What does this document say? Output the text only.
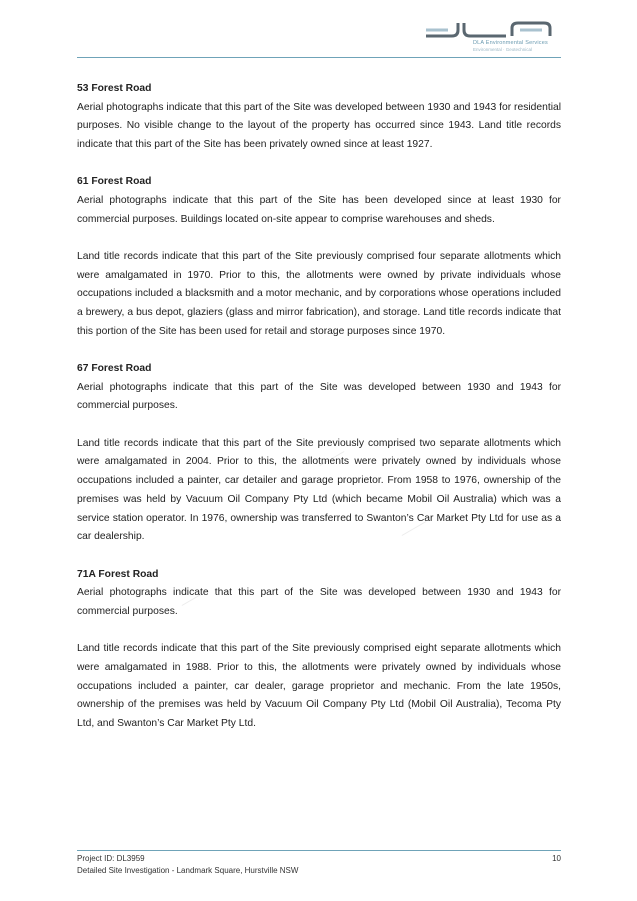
DLA Environmental Services
Environmental · Geotechnical

53 Forest Road

Aerial photographs indicate that this part of the Site was developed between 1930 and 1943 for residential purposes. No visible change to the layout of the property has occurred since 1943. Land title records indicate that this part of the Site has been privately owned since at least 1927.

61 Forest Road

Aerial photographs indicate that this part of the Site has been developed since at least 1930 for commercial purposes. Buildings located on-site appear to comprise warehouses and sheds.

Land title records indicate that this part of the Site previously comprised four separate allotments which were amalgamated in 1970. Prior to this, the allotments were owned by private individuals whose occupations included a blacksmith and a motor mechanic, and by corporations whose operations included a brewery, a bus depot, glaziers (glass and mirror fabrication), and storage. Land title records indicate that this portion of the Site has been used for retail and storage purposes since 1970.

67 Forest Road

Aerial photographs indicate that this part of the Site was developed between 1930 and 1943 for commercial purposes.

Land title records indicate that this part of the Site previously comprised two separate allotments which were amalgamated in 2004. Prior to this, the allotments were privately owned by individuals whose occupations included a painter, car detailer and garage proprietor. From 1958 to 1976, ownership of the premises was held by Vacuum Oil Company Pty Ltd (which became Mobil Oil Australia) which was a service station operator. In 1976, ownership was transferred to Swanton’s Car Market Pty Ltd for use as a car dealership.

71A Forest Road

Aerial photographs indicate that this part of the Site was developed between 1930 and 1943 for commercial purposes.

Land title records indicate that this part of the Site previously comprised eight separate allotments which were amalgamated in 1988. Prior to this, the allotments were privately owned by individuals whose occupations included a painter, car dealer, garage proprietor and mechanic. From the late 1950s, ownership of the premises was held by Vacuum Oil Company Pty Ltd (Mobil Oil Australia), Tecoma Pty Ltd, and Swanton’s Car Market Pty Ltd.

Project ID: DL3959
Detailed Site Investigation - Landmark Square, Hurstville NSW
10
